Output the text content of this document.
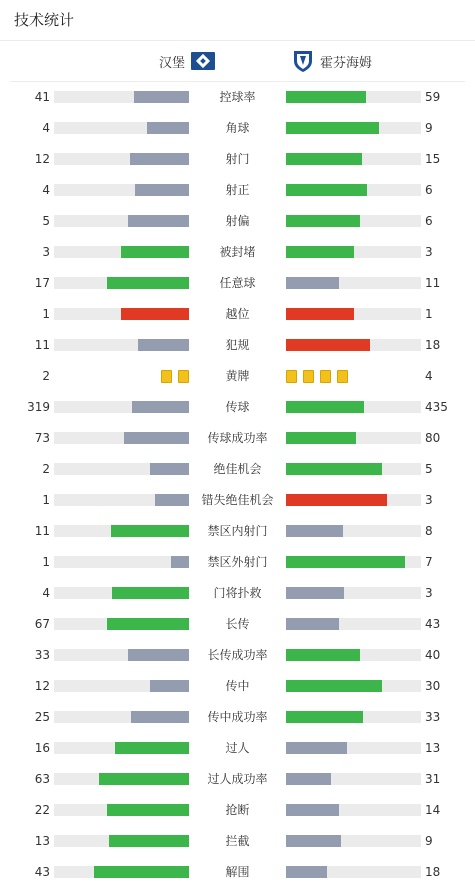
技术统计
汉堡	霍芬海姆
41	控球率	59
4	角球	9
12	射门	15
4	射正	6
5	射偏	6
3	被封堵	3
17	任意球	11
1	越位	1
11	犯规	18
2	黄牌	4
319	传球	435
73	传球成功率	80
2	绝佳机会	5
1	错失绝佳机会	3
11	禁区内射门	8
1	禁区外射门	7
4	门将扑救	3
67	长传	43
33	长传成功率	40
12	传中	30
25	传中成功率	33
16	过人	13
63	过人成功率	31
22	抢断	14
13	拦截	9
43	解围	18
